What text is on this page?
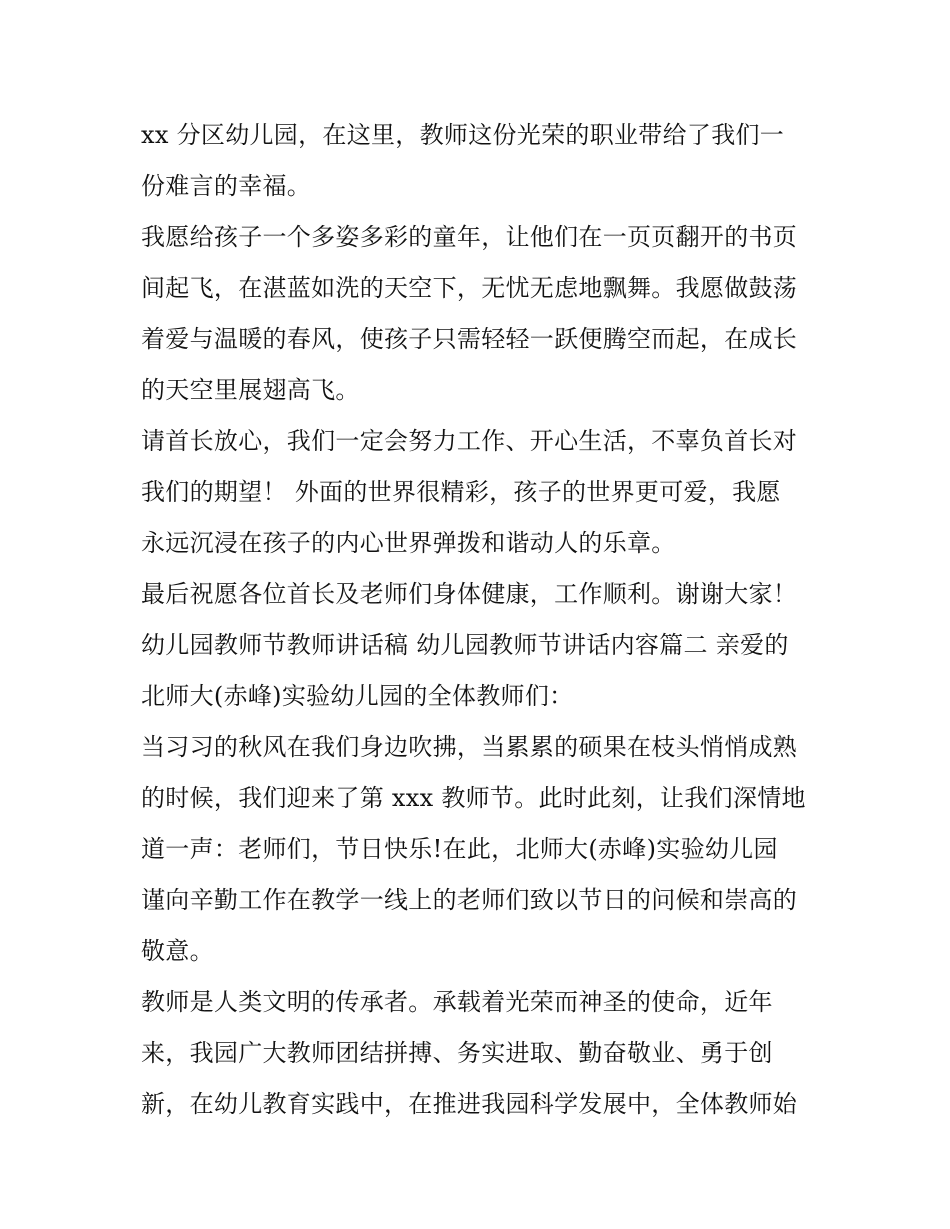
xx 分区幼儿园，在这里，教师这份光荣的职业带给了我们一
份难言的幸福。
我愿给孩子一个多姿多彩的童年，让他们在一页页翻开的书页
间起飞，在湛蓝如洗的天空下，无忧无虑地飘舞。我愿做鼓荡
着爱与温暖的春风，使孩子只需轻轻一跃便腾空而起，在成长
的天空里展翅高飞。
请首长放心，我们一定会努力工作、开心生活，不辜负首长对
我们的期望！ 外面的世界很精彩，孩子的世界更可爱，我愿
永远沉浸在孩子的内心世界弹拨和谐动人的乐章。
最后祝愿各位首长及老师们身体健康，工作顺利。谢谢大家！
幼儿园教师节教师讲话稿 幼儿园教师节讲话内容篇二 亲爱的
北师大(赤峰)实验幼儿园的全体教师们：
当习习的秋风在我们身边吹拂，当累累的硕果在枝头悄悄成熟
的时候，我们迎来了第 xxx 教师节。此时此刻，让我们深情地
道一声：老师们，节日快乐!在此，北师大(赤峰)实验幼儿园
谨向辛勤工作在教学一线上的老师们致以节日的问候和崇高的
敬意。
教师是人类文明的传承者。承载着光荣而神圣的使命，近年
来，我园广大教师团结拼搏、务实进取、勤奋敬业、勇于创
新，在幼儿教育实践中，在推进我园科学发展中，全体教师始
